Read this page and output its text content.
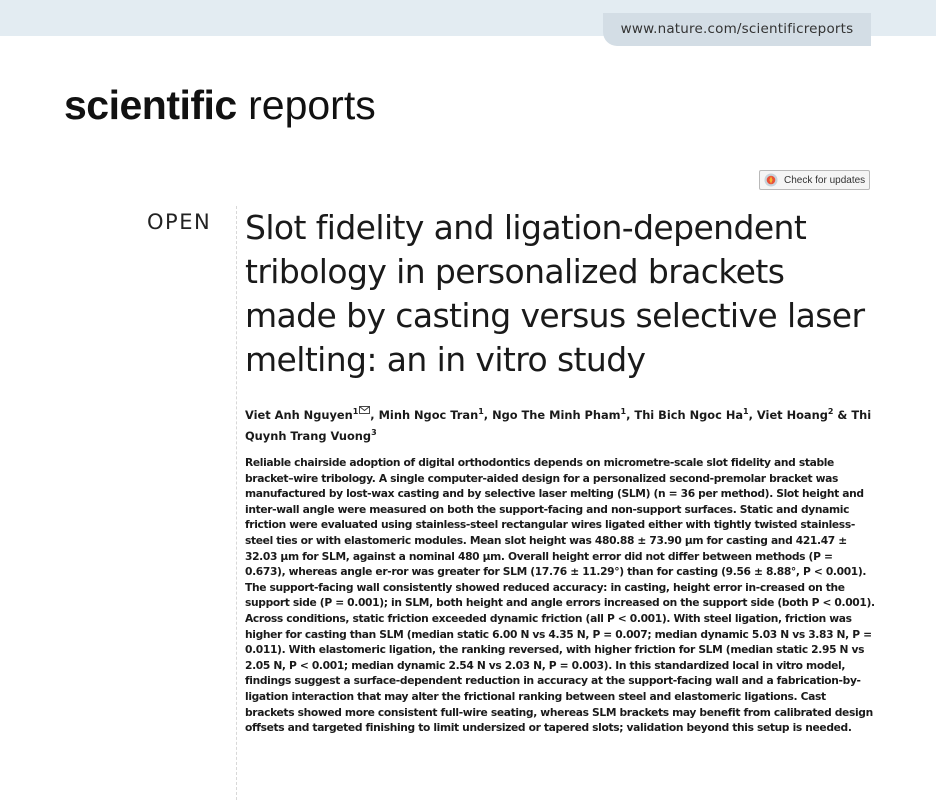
www.nature.com/scientificreports
scientific reports
Check for updates
OPEN Slot fidelity and ligation-dependent tribology in personalized brackets made by casting versus selective laser melting: an in vitro study
Viet Anh Nguyen$^1$ , Minh Ngoc Tran$^1$, Ngo The Minh Pham$^1$, Thi Bich Ngoc Ha$^1$, Viet Hoang$^2$ & Thi Quynh Trang Vuong$^3$

Reliable chairside adoption of digital orthodontics depends on micrometre-scale slot fidelity and stable bracket–wire tribology. A single computer-aided design for a personalized second-premolar bracket was manufactured by lost-wax casting and by selective laser melting (SLM) (n = 36 per method). Slot height and inter-wall angle were measured on both the support-facing and non-support surfaces. Static and dynamic friction were evaluated using stainless-steel rectangular wires ligated either with tightly twisted stainless-steel ties or with elastomeric modules. Mean slot height was 480.88 ± 73.90 µm for casting and 421.47 ± 32.03 µm for SLM, against a nominal 480 µm. Overall height error did not differ between methods (P = 0.673), whereas angle er-ror was greater for SLM (17.76 ± 11.29°) than for casting (9.56 ± 8.88°, P < 0.001). The support-facing wall consistently showed reduced accuracy: in casting, height error in-creased on the support side (P = 0.001); in SLM, both height and angle errors increased on the support side (both P < 0.001). Across conditions, static friction exceeded dynamic friction (all P < 0.001). With steel ligation, friction was higher for casting than SLM (median static 6.00 N vs 4.35 N, P = 0.007; median dynamic 5.03 N vs 3.83 N, P = 0.011). With elastomeric ligation, the ranking reversed, with higher friction for SLM (median static 2.95 N vs 2.05 N, P < 0.001; median dynamic 2.54 N vs 2.03 N, P = 0.003). In this standardized local in vitro model, findings suggest a surface-dependent reduction in accuracy at the support-facing wall and a fabrication-by-ligation interaction that may alter the frictional ranking between steel and elastomeric ligations. Cast brackets showed more consistent full-wire seating, whereas SLM brackets may benefit from calibrated design offsets and targeted finishing to limit undersized or tapered slots; validation beyond this setup is needed.
